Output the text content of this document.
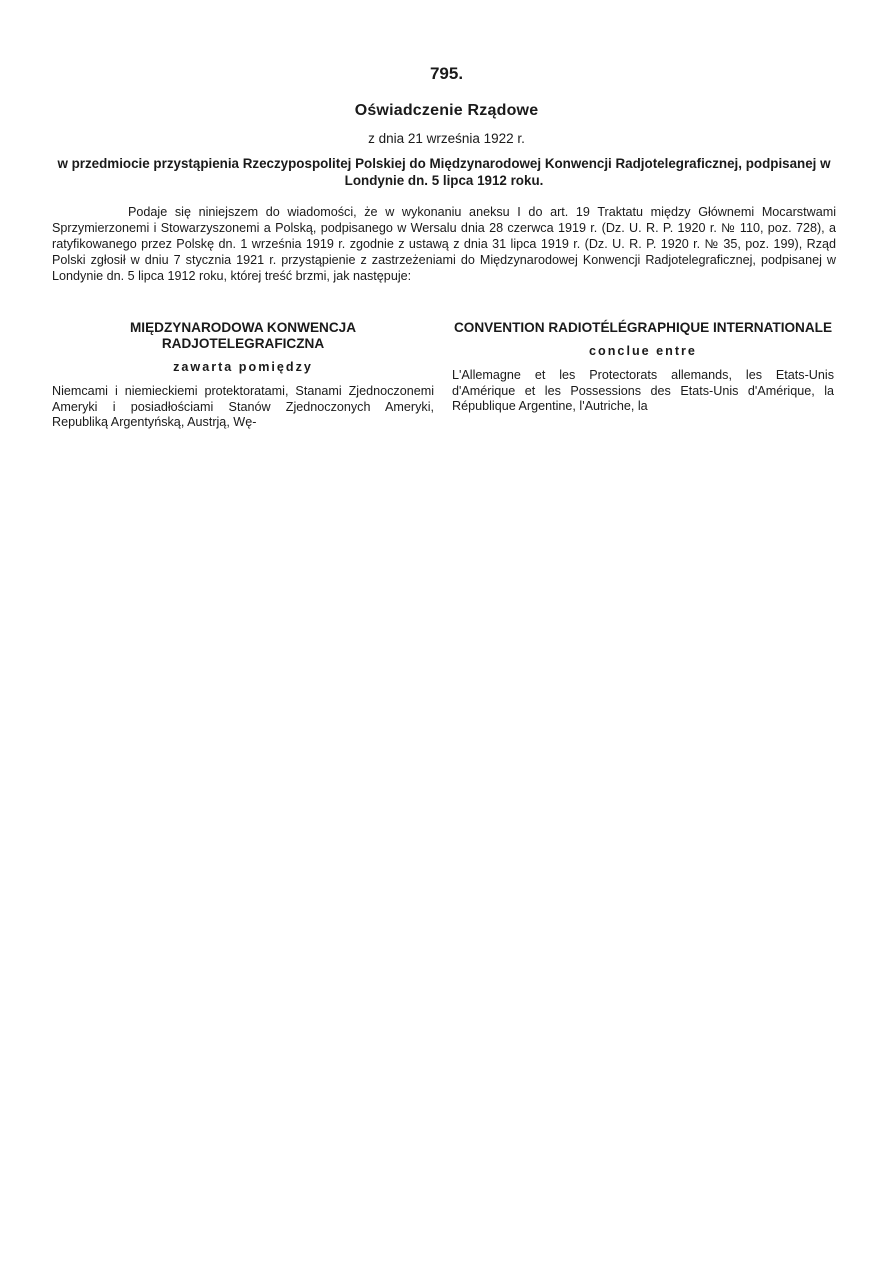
795.
Oświadczenie Rządowe
z dnia 21 września 1922 r.
w przedmiocie przystąpienia Rzeczypospolitej Polskiej do Międzynarodowej Konwencji Radjotelegraficznej, podpisanej w Londynie dn. 5 lipca 1912 roku.
Podaje się niniejszem do wiadomości, że w wykonaniu aneksu I do art. 19 Traktatu między Głównemi Mocarstwami Sprzymierzonemi i Stowarzyszonemi a Polską, podpisanego w Wersalu dnia 28 czerwca 1919 r. (Dz. U. R. P. 1920 r. № 110, poz. 728), a ratyfikowanego przez Polskę dn. 1 września 1919 r. zgodnie z ustawą z dnia 31 lipca 1919 r. (Dz. U. R. P. 1920 r. № 35, poz. 199), Rząd Polski zgłosił w dniu 7 stycznia 1921 r. przystąpienie z zastrzeżeniami do Międzynarodowej Konwencji Radjotelegraficznej, podpisanej w Londynie dn. 5 lipca 1912 roku, której treść brzmi, jak następuje:
MIĘDZYNARODOWA KONWENCJA RADJOTELEGRAFICZNA
zawarta pomiędzy
Niemcami i niemieckiemi protektoratami, Stanami Zjednoczonemi Ameryki i posiadłościami Stanów Zjednoczonych Ameryki, Republiką Argentyńską, Austrją, Wę-
CONVENTION RADIOTÉLÉGRAPHIQUE INTERNATIONALE
conclue entre
L'Allemagne et les Protectorats allemands, les Etats-Unis d'Amérique et les Possessions des Etats-Unis d'Amérique, la République Argentine, l'Autriche, la
